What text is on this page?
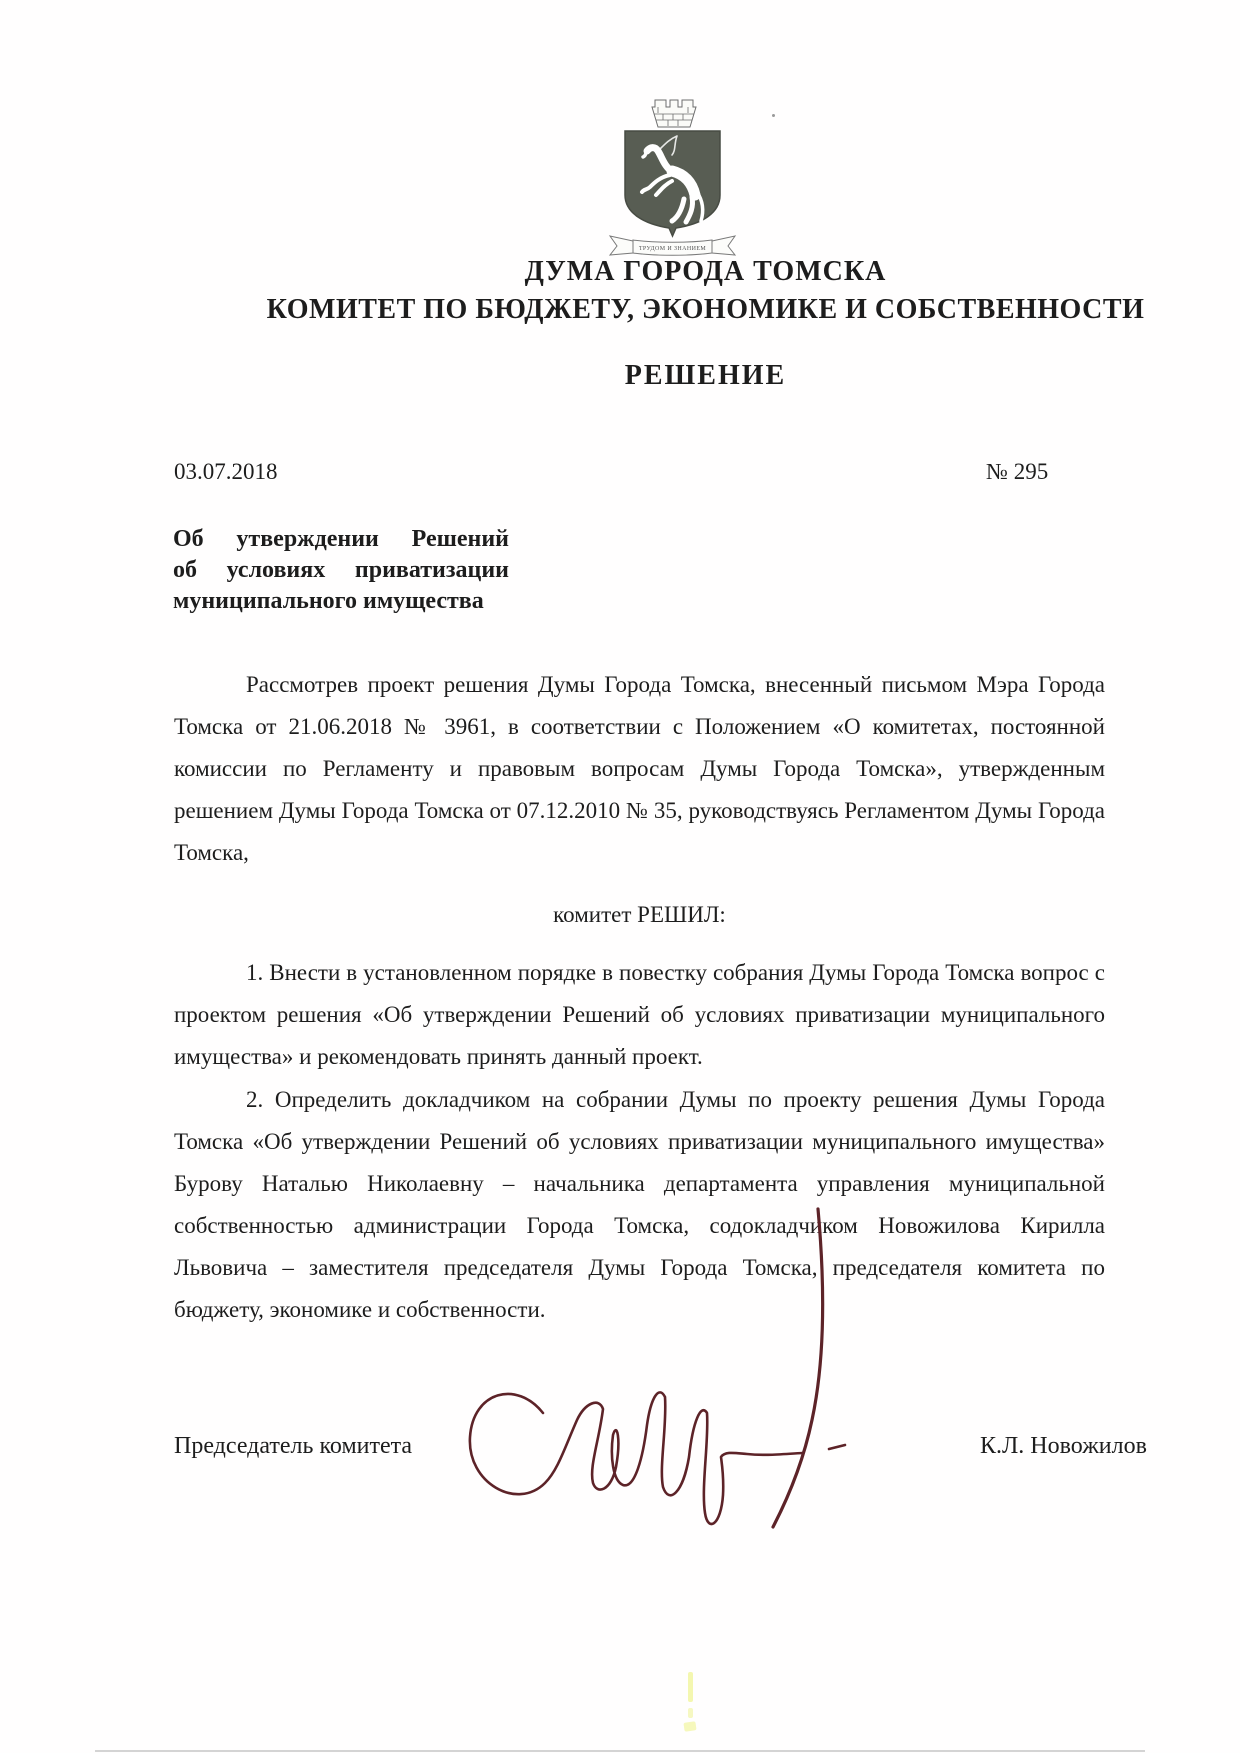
ТРУДОМ И ЗНАНИЕМ
ДУМА ГОРОДА ТОМСКА
КОМИТЕТ ПО БЮДЖЕТУ, ЭКОНОМИКЕ И СОБСТВЕННОСТИ
РЕШЕНИЕ
03.07.2018	№ 295
Об утверждении Решений
об условиях приватизации
муниципального имущества

Рассмотрев проект решения Думы Города Томска, внесенный письмом Мэра Города Томска от 21.06.2018 № 3961, в соответствии с Положением «О комитетах, постоянной комиссии по Регламенту и правовым вопросам Думы Города Томска», утвержденным решением Думы Города Томска от 07.12.2010 № 35, руководствуясь Регламентом Думы Города Томска,

комитет РЕШИЛ:

1. Внести в установленном порядке в повестку собрания Думы Города Томска вопрос с проектом решения «Об утверждении Решений об условиях приватизации муниципального имущества» и рекомендовать принять данный проект.

2. Определить докладчиком на собрании Думы по проекту решения Думы Города Томска «Об утверждении Решений об условиях приватизации муниципального имущества» Бурову Наталью Николаевну – начальника департамента управления муниципальной собственностью администрации Города Томска, содокладчиком Новожилова Кирилла Львовича – заместителя председателя Думы Города Томска, председателя комитета по бюджету, экономике и собственности.

Председатель комитета	К.Л. Новожилов
